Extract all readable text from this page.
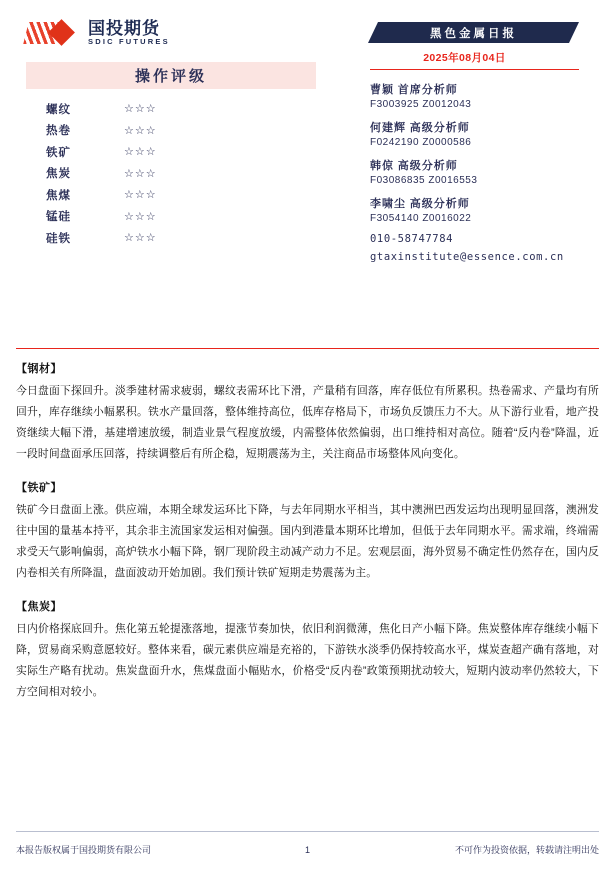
国投期货
SDIC FUTURES
操作评级
螺纹	☆☆☆
热卷	☆☆☆
铁矿	☆☆☆
焦炭	☆☆☆
焦煤	☆☆☆
锰硅	☆☆☆
硅铁	☆☆☆
黑色金属日报
2025年08月04日
曹颖 首席分析师
F3003925 Z0012043
何建辉 高级分析师
F0242190 Z0000586
韩倞 高级分析师
F03086835 Z0016553
李啸尘 高级分析师
F3054140 Z0016022
010-58747784
gtaxinstitute@essence.com.cn
【钢材】
今日盘面下探回升。淡季建材需求疲弱，螺纹表需环比下滑，产量稍有回落，库存低位有所累积。热卷需求、产量均有所回升，库存继续小幅累积。铁水产量回落，整体维持高位，低库存格局下，市场负反馈压力不大。从下游行业看，地产投资继续大幅下滑，基建增速放缓，制造业景气程度放缓，内需整体依然偏弱，出口维持相对高位。随着“反内卷”降温，近一段时间盘面承压回落，持续调整后有所企稳，短期震荡为主，关注商品市场整体风向变化。
【铁矿】
铁矿今日盘面上涨。供应端，本期全球发运环比下降，与去年同期水平相当，其中澳洲巴西发运均出现明显回落，澳洲发往中国的量基本持平，其余非主流国家发运相对偏强。国内到港量本期环比增加，但低于去年同期水平。需求端，终端需求受天气影响偏弱，高炉铁水小幅下降，钢厂现阶段主动减产动力不足。宏观层面，海外贸易不确定性仍然存在，国内反内卷相关有所降温，盘面波动开始加剧。我们预计铁矿短期走势震荡为主。
【焦炭】
日内价格探底回升。焦化第五轮提涨落地，提涨节奏加快，依旧利润微薄，焦化日产小幅下降。焦炭整体库存继续小幅下降，贸易商采购意愿较好。整体来看，碳元素供应端是充裕的，下游铁水淡季仍保持较高水平，煤炭查超产确有落地，对实际生产略有扰动。焦炭盘面升水，焦煤盘面小幅贴水，价格受“反内卷”政策预期扰动较大，短期内波动率仍然较大，下方空间相对较小。
本报告版权属于国投期货有限公司	1	不可作为投资依据，转载请注明出处
